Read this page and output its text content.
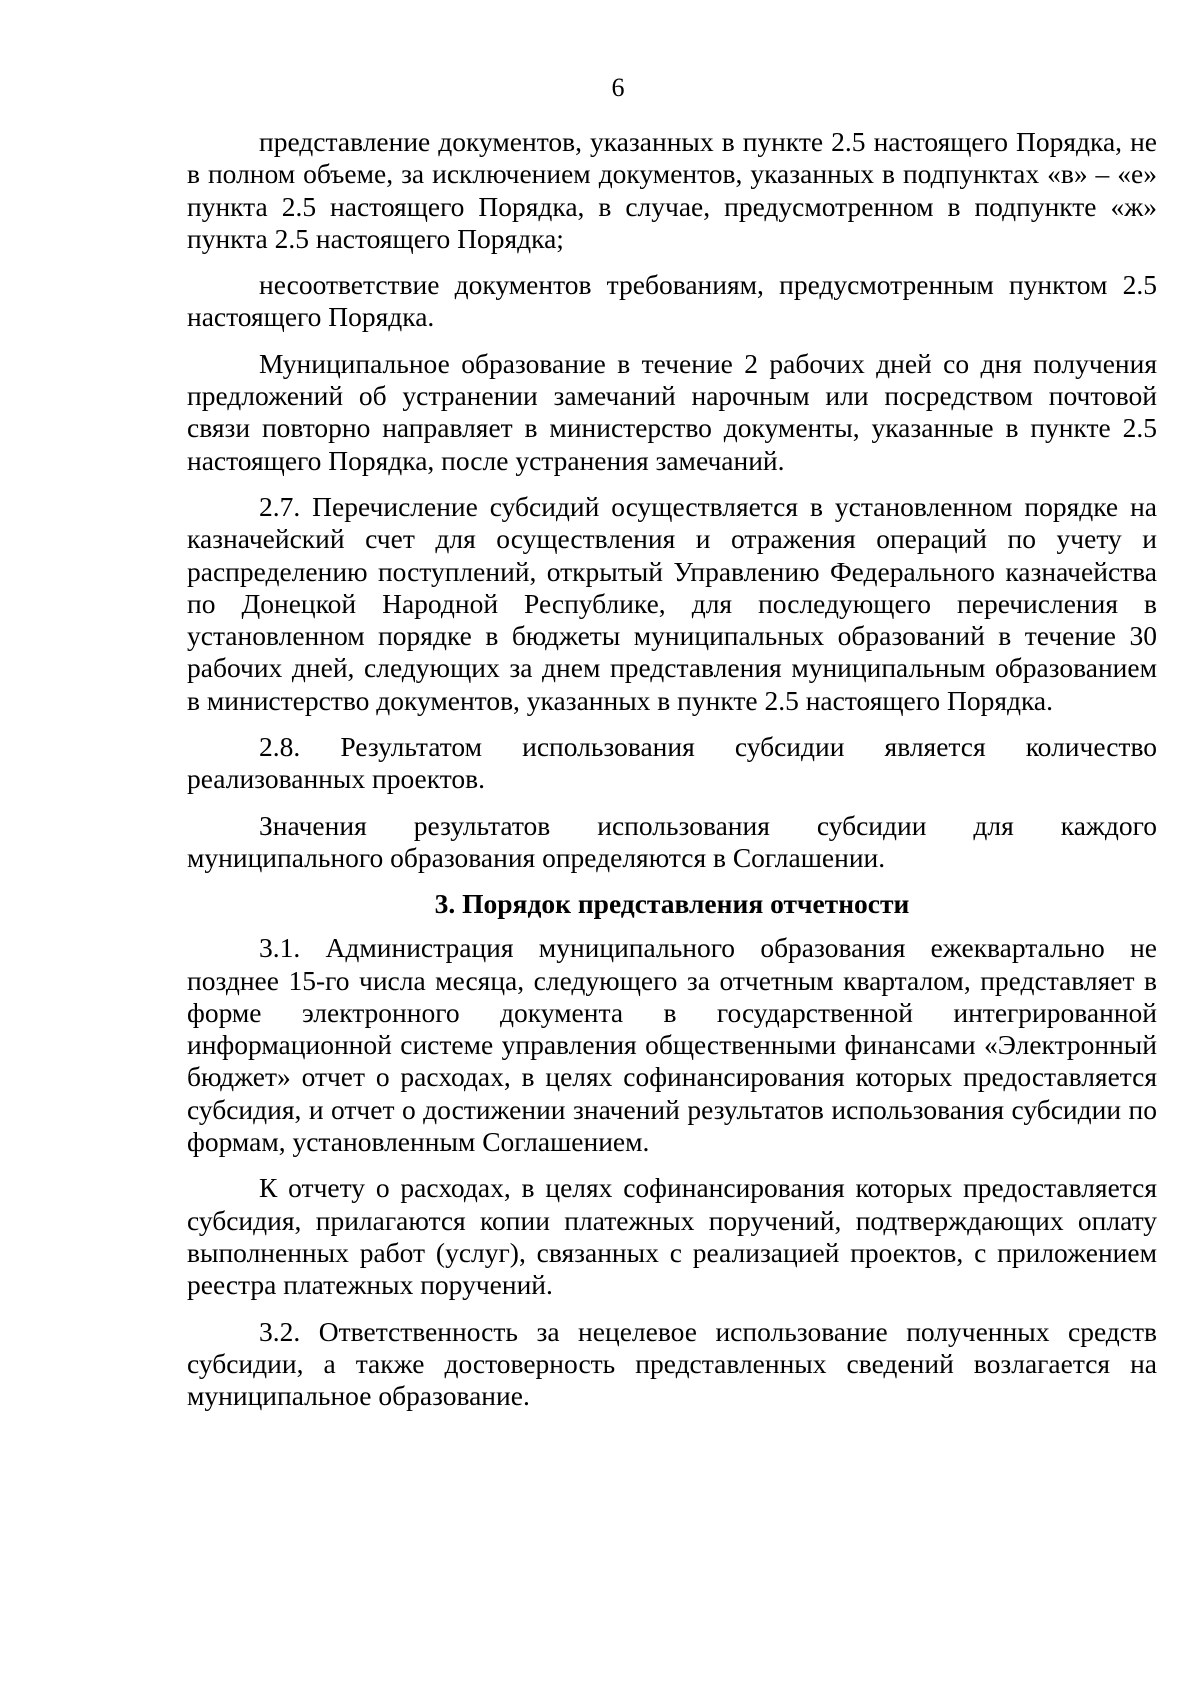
6

представление документов, указанных в пункте 2.5 настоящего Порядка, не в полном объеме, за исключением документов, указанных в подпунктах «в» – «е» пункта 2.5 настоящего Порядка, в случае, предусмотренном в подпункте «ж» пункта 2.5 настоящего Порядка;

несоответствие документов требованиям, предусмотренным пунктом 2.5 настоящего Порядка.

Муниципальное образование в течение 2 рабочих дней со дня получения предложений об устранении замечаний нарочным или посредством почтовой связи повторно направляет в министерство документы, указанные в пункте 2.5 настоящего Порядка, после устранения замечаний.

2.7. Перечисление субсидий осуществляется в установленном порядке на казначейский счет для осуществления и отражения операций по учету и распределению поступлений, открытый Управлению Федерального казначейства по Донецкой Народной Республике, для последующего перечисления в установленном порядке в бюджеты муниципальных образований в течение 30 рабочих дней, следующих за днем представления муниципальным образованием в министерство документов, указанных в пункте 2.5 настоящего Порядка.

2.8. Результатом использования субсидии является количество реализованных проектов.

Значения результатов использования субсидии для каждого муниципального образования определяются в Соглашении.

3. Порядок представления отчетности

3.1. Администрация муниципального образования ежеквартально не позднее 15-го числа месяца, следующего за отчетным кварталом, представляет в форме электронного документа в государственной интегрированной информационной системе управления общественными финансами «Электронный бюджет» отчет о расходах, в целях софинансирования которых предоставляется субсидия, и отчет о достижении значений результатов использования субсидии по формам, установленным Соглашением.

К отчету о расходах, в целях софинансирования которых предоставляется субсидия, прилагаются копии платежных поручений, подтверждающих оплату выполненных работ (услуг), связанных с реализацией проектов, с приложением реестра платежных поручений.

3.2. Ответственность за нецелевое использование полученных средств субсидии, а также достоверность представленных сведений возлагается на муниципальное образование.
